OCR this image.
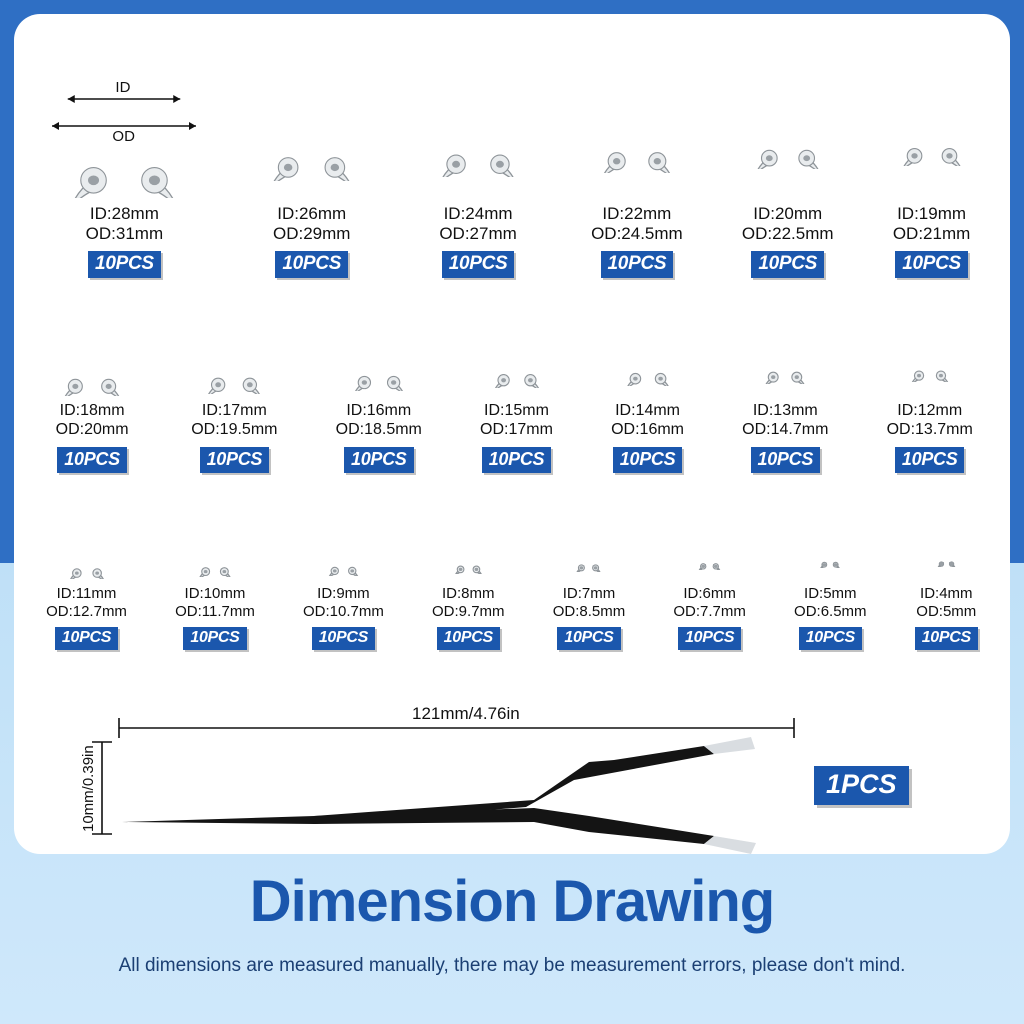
ID
OD
ID:28mm
OD:31mm
10PCS
ID:26mm
OD:29mm
10PCS
ID:24mm
OD:27mm
10PCS
ID:22mm
OD:24.5mm
10PCS
ID:20mm
OD:22.5mm
10PCS
ID:19mm
OD:21mm
10PCS
ID:18mm
OD:20mm
10PCS
ID:17mm
OD:19.5mm
10PCS
ID:16mm
OD:18.5mm
10PCS
ID:15mm
OD:17mm
10PCS
ID:14mm
OD:16mm
10PCS
ID:13mm
OD:14.7mm
10PCS
ID:12mm
OD:13.7mm
10PCS
ID:11mm
OD:12.7mm
10PCS
ID:10mm
OD:11.7mm
10PCS
ID:9mm
OD:10.7mm
10PCS
ID:8mm
OD:9.7mm
10PCS
ID:7mm
OD:8.5mm
10PCS
ID:6mm
OD:7.7mm
10PCS
ID:5mm
OD:6.5mm
10PCS
ID:4mm
OD:5mm
10PCS
121mm/4.76in
10mm/0.39in	1PCS
Dimension Drawing
All dimensions are measured manually, there may be measurement errors, please don't mind.
